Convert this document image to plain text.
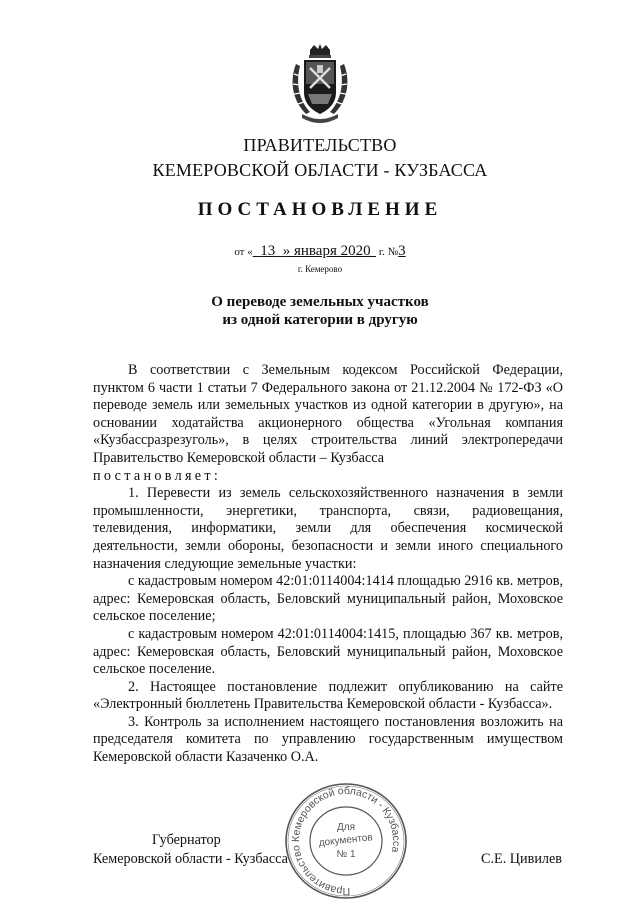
ПРАВИТЕЛЬСТВО
КЕМЕРОВСКОЙ ОБЛАСТИ - КУЗБАССА
ПОСТАНОВЛЕНИЕ
от « 13 » января 2020 г. №3
г. Кемерово
О переводе земельных участков
из одной категории в другую

В соответствии с Земельным кодексом Российской Федерации, пунктом 6 части 1 статьи 7 Федерального закона от 21.12.2004 № 172-ФЗ «О переводе земель или земельных участков из одной категории в другую», на основании ходатайства акционерного общества «Угольная компания «Кузбассразрезуголь», в целях строительства линий электропередачи Правительство Кемеровской области – Кузбасса

постановляет:

1. Перевести из земель сельскохозяйственного назначения в земли промышленности, энергетики, транспорта, связи, радиовещания, телевидения, информатики, земли для обеспечения космической деятельности, земли обороны, безопасности и земли иного специального назначения следующие земельные участки:

с кадастровым номером 42:01:0114004:1414 площадью 2916 кв. метров, адрес: Кемеровская область, Беловский муниципальный район, Моховское сельское поселение;

с кадастровым номером 42:01:0114004:1415, площадью 367 кв. метров, адрес: Кемеровская область, Беловский муниципальный район, Моховское сельское поселение.

2. Настоящее постановление подлежит опубликованию на сайте «Электронный бюллетень Правительства Кемеровской области - Кузбасса».

3. Контроль за исполнением настоящего постановления возложить на председателя комитета по управлению государственным имуществом Кемеровской области Казаченко О.А.

Правительство Кемеровской области - Кузбасса
Для
документов
№ 1
Губернатор
Кемеровской области - Кузбасса	С.Е. Цивилев
